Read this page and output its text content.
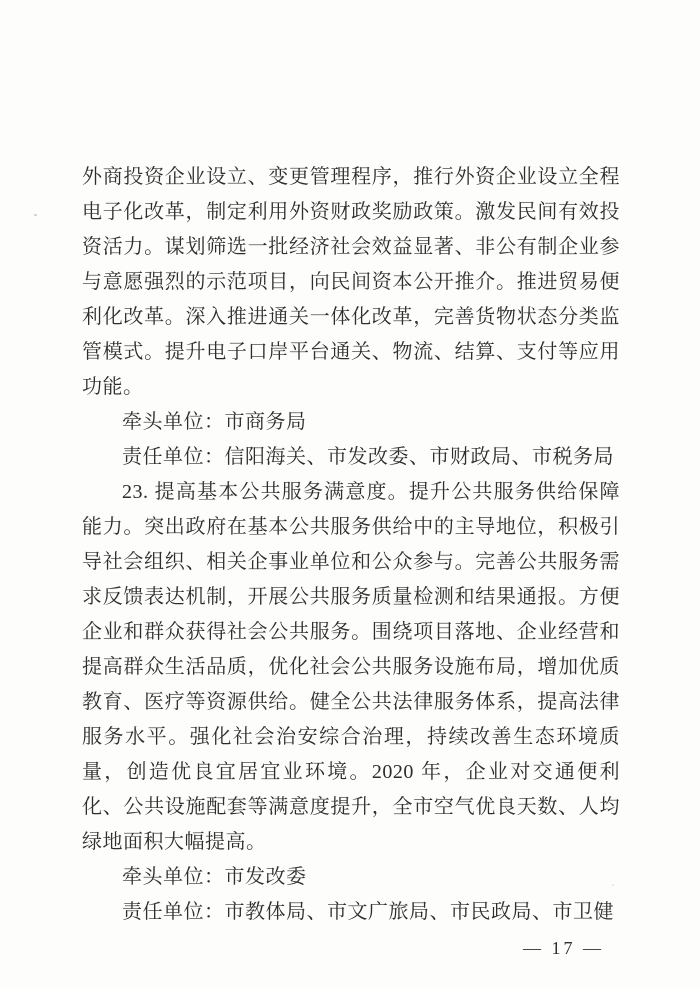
外商投资企业设立、变更管理程序，推行外资企业设立全程电子化改革，制定利用外资财政奖励政策。激发民间有效投资活力。谋划筛选一批经济社会效益显著、非公有制企业参与意愿强烈的示范项目，向民间资本公开推介。推进贸易便利化改革。深入推进通关一体化改革，完善货物状态分类监管模式。提升电子口岸平台通关、物流、结算、支付等应用功能。

牵头单位：市商务局

责任单位：信阳海关、市发改委、市财政局、市税务局

23. 提高基本公共服务满意度。提升公共服务供给保障能力。突出政府在基本公共服务供给中的主导地位，积极引导社会组织、相关企事业单位和公众参与。完善公共服务需求反馈表达机制，开展公共服务质量检测和结果通报。方便企业和群众获得社会公共服务。围绕项目落地、企业经营和提高群众生活品质，优化社会公共服务设施布局，增加优质教育、医疗等资源供给。健全公共法律服务体系，提高法律服务水平。强化社会治安综合治理，持续改善生态环境质量，创造优良宜居宜业环境。2020 年，企业对交通便利化、公共设施配套等满意度提升，全市空气优良天数、人均绿地面积大幅提高。

牵头单位：市发改委

责任单位：市教体局、市文广旅局、市民政局、市卫健

— 17 —
